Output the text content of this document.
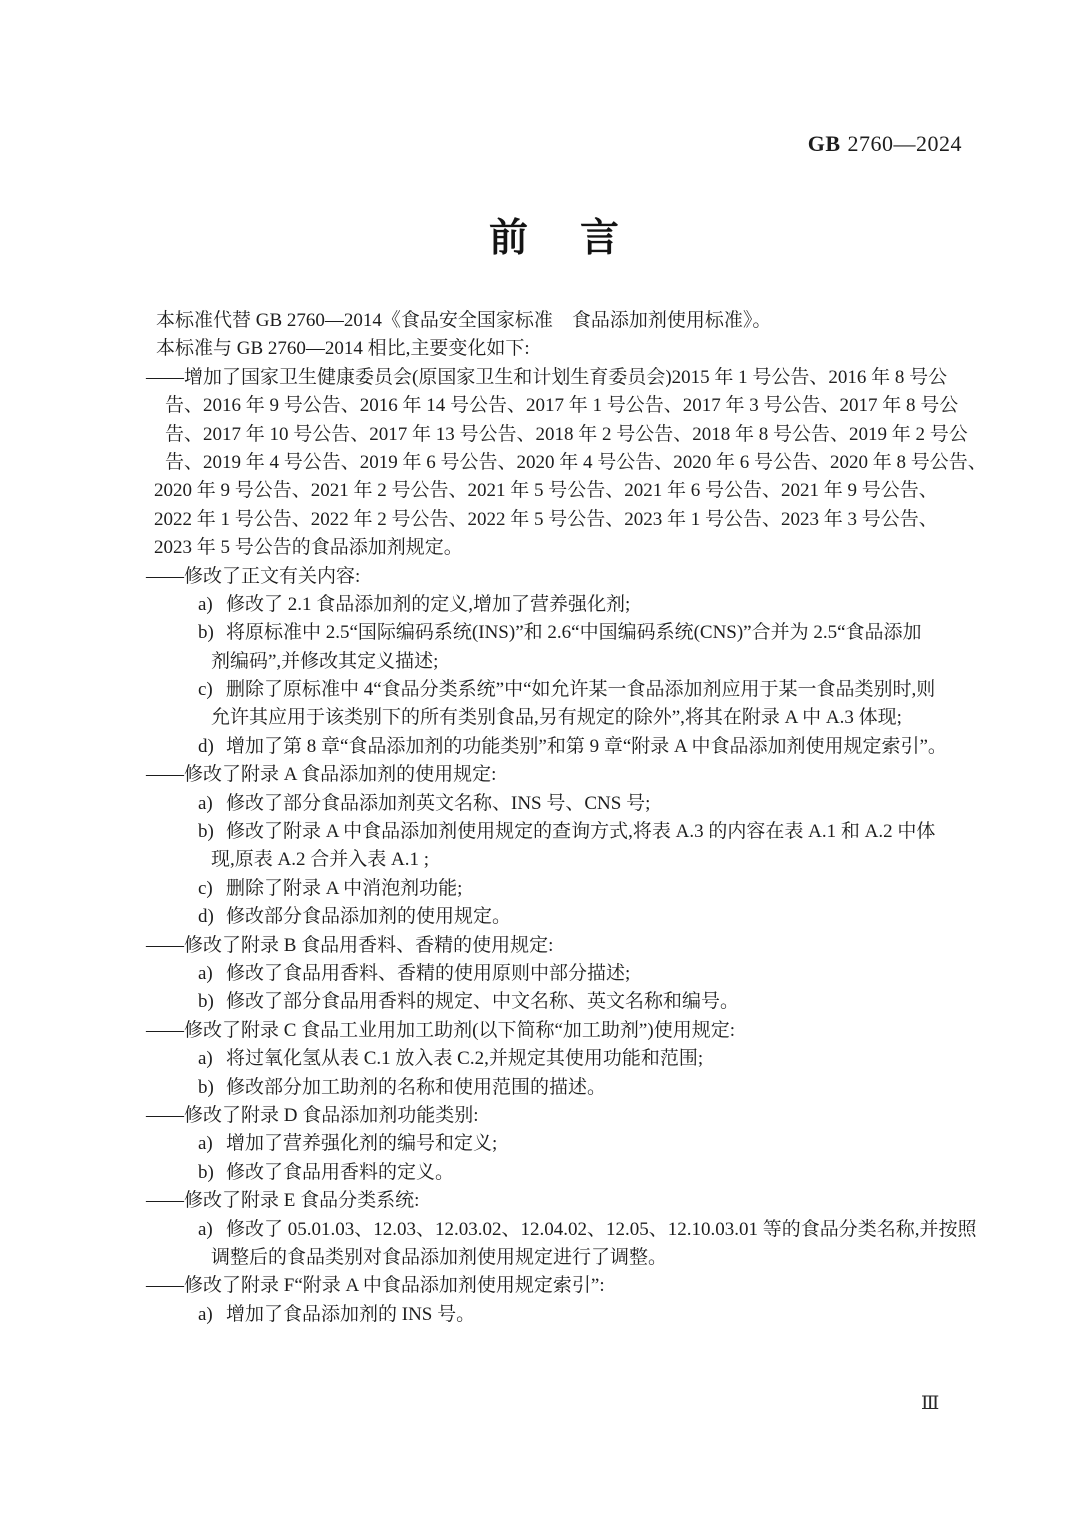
GB 2760—2024
前 言
本标准代替 GB 2760—2014《食品安全国家标准　食品添加剂使用标准》。
本标准与 GB 2760—2014 相比,主要变化如下:
——增加了国家卫生健康委员会(原国家卫生和计划生育委员会)2015 年 1 号公告、2016 年 8 号公
告、2016 年 9 号公告、2016 年 14 号公告、2017 年 1 号公告、2017 年 3 号公告、2017 年 8 号公
告、2017 年 10 号公告、2017 年 13 号公告、2018 年 2 号公告、2018 年 8 号公告、2019 年 2 号公
告、2019 年 4 号公告、2019 年 6 号公告、2020 年 4 号公告、2020 年 6 号公告、2020 年 8 号公告、
2020 年 9 号公告、2021 年 2 号公告、2021 年 5 号公告、2021 年 6 号公告、2021 年 9 号公告、
2022 年 1 号公告、2022 年 2 号公告、2022 年 5 号公告、2023 年 1 号公告、2023 年 3 号公告、
2023 年 5 号公告的食品添加剂规定。
——修改了正文有关内容:
a) 修改了 2.1 食品添加剂的定义,增加了营养强化剂;
b) 将原标准中 2.5“国际编码系统(INS)”和 2.6“中国编码系统(CNS)”合并为 2.5“食品添加
剂编码”,并修改其定义描述;
c) 删除了原标准中 4“食品分类系统”中“如允许某一食品添加剂应用于某一食品类别时,则
允许其应用于该类别下的所有类别食品,另有规定的除外”,将其在附录 A 中 A.3 体现;
d) 增加了第 8 章“食品添加剂的功能类别”和第 9 章“附录 A 中食品添加剂使用规定索引”。
——修改了附录 A 食品添加剂的使用规定:
a) 修改了部分食品添加剂英文名称、INS 号、CNS 号;
b) 修改了附录 A 中食品添加剂使用规定的查询方式,将表 A.3 的内容在表 A.1 和 A.2 中体
现,原表 A.2 合并入表 A.1 ;
c) 删除了附录 A 中消泡剂功能;
d) 修改部分食品添加剂的使用规定。
——修改了附录 B 食品用香料、香精的使用规定:
a) 修改了食品用香料、香精的使用原则中部分描述;
b) 修改了部分食品用香料的规定、中文名称、英文名称和编号。
——修改了附录 C 食品工业用加工助剂(以下简称“加工助剂”)使用规定:
a) 将过氧化氢从表 C.1 放入表 C.2,并规定其使用功能和范围;
b) 修改部分加工助剂的名称和使用范围的描述。
——修改了附录 D 食品添加剂功能类别:
a) 增加了营养强化剂的编号和定义;
b) 修改了食品用香料的定义。
——修改了附录 E 食品分类系统:
a) 修改了 05.01.03、12.03、12.03.02、12.04.02、12.05、12.10.03.01 等的食品分类名称,并按照
调整后的食品类别对食品添加剂使用规定进行了调整。
——修改了附录 F“附录 A 中食品添加剂使用规定索引”:
a) 增加了食品添加剂的 INS 号。
Ⅲ
